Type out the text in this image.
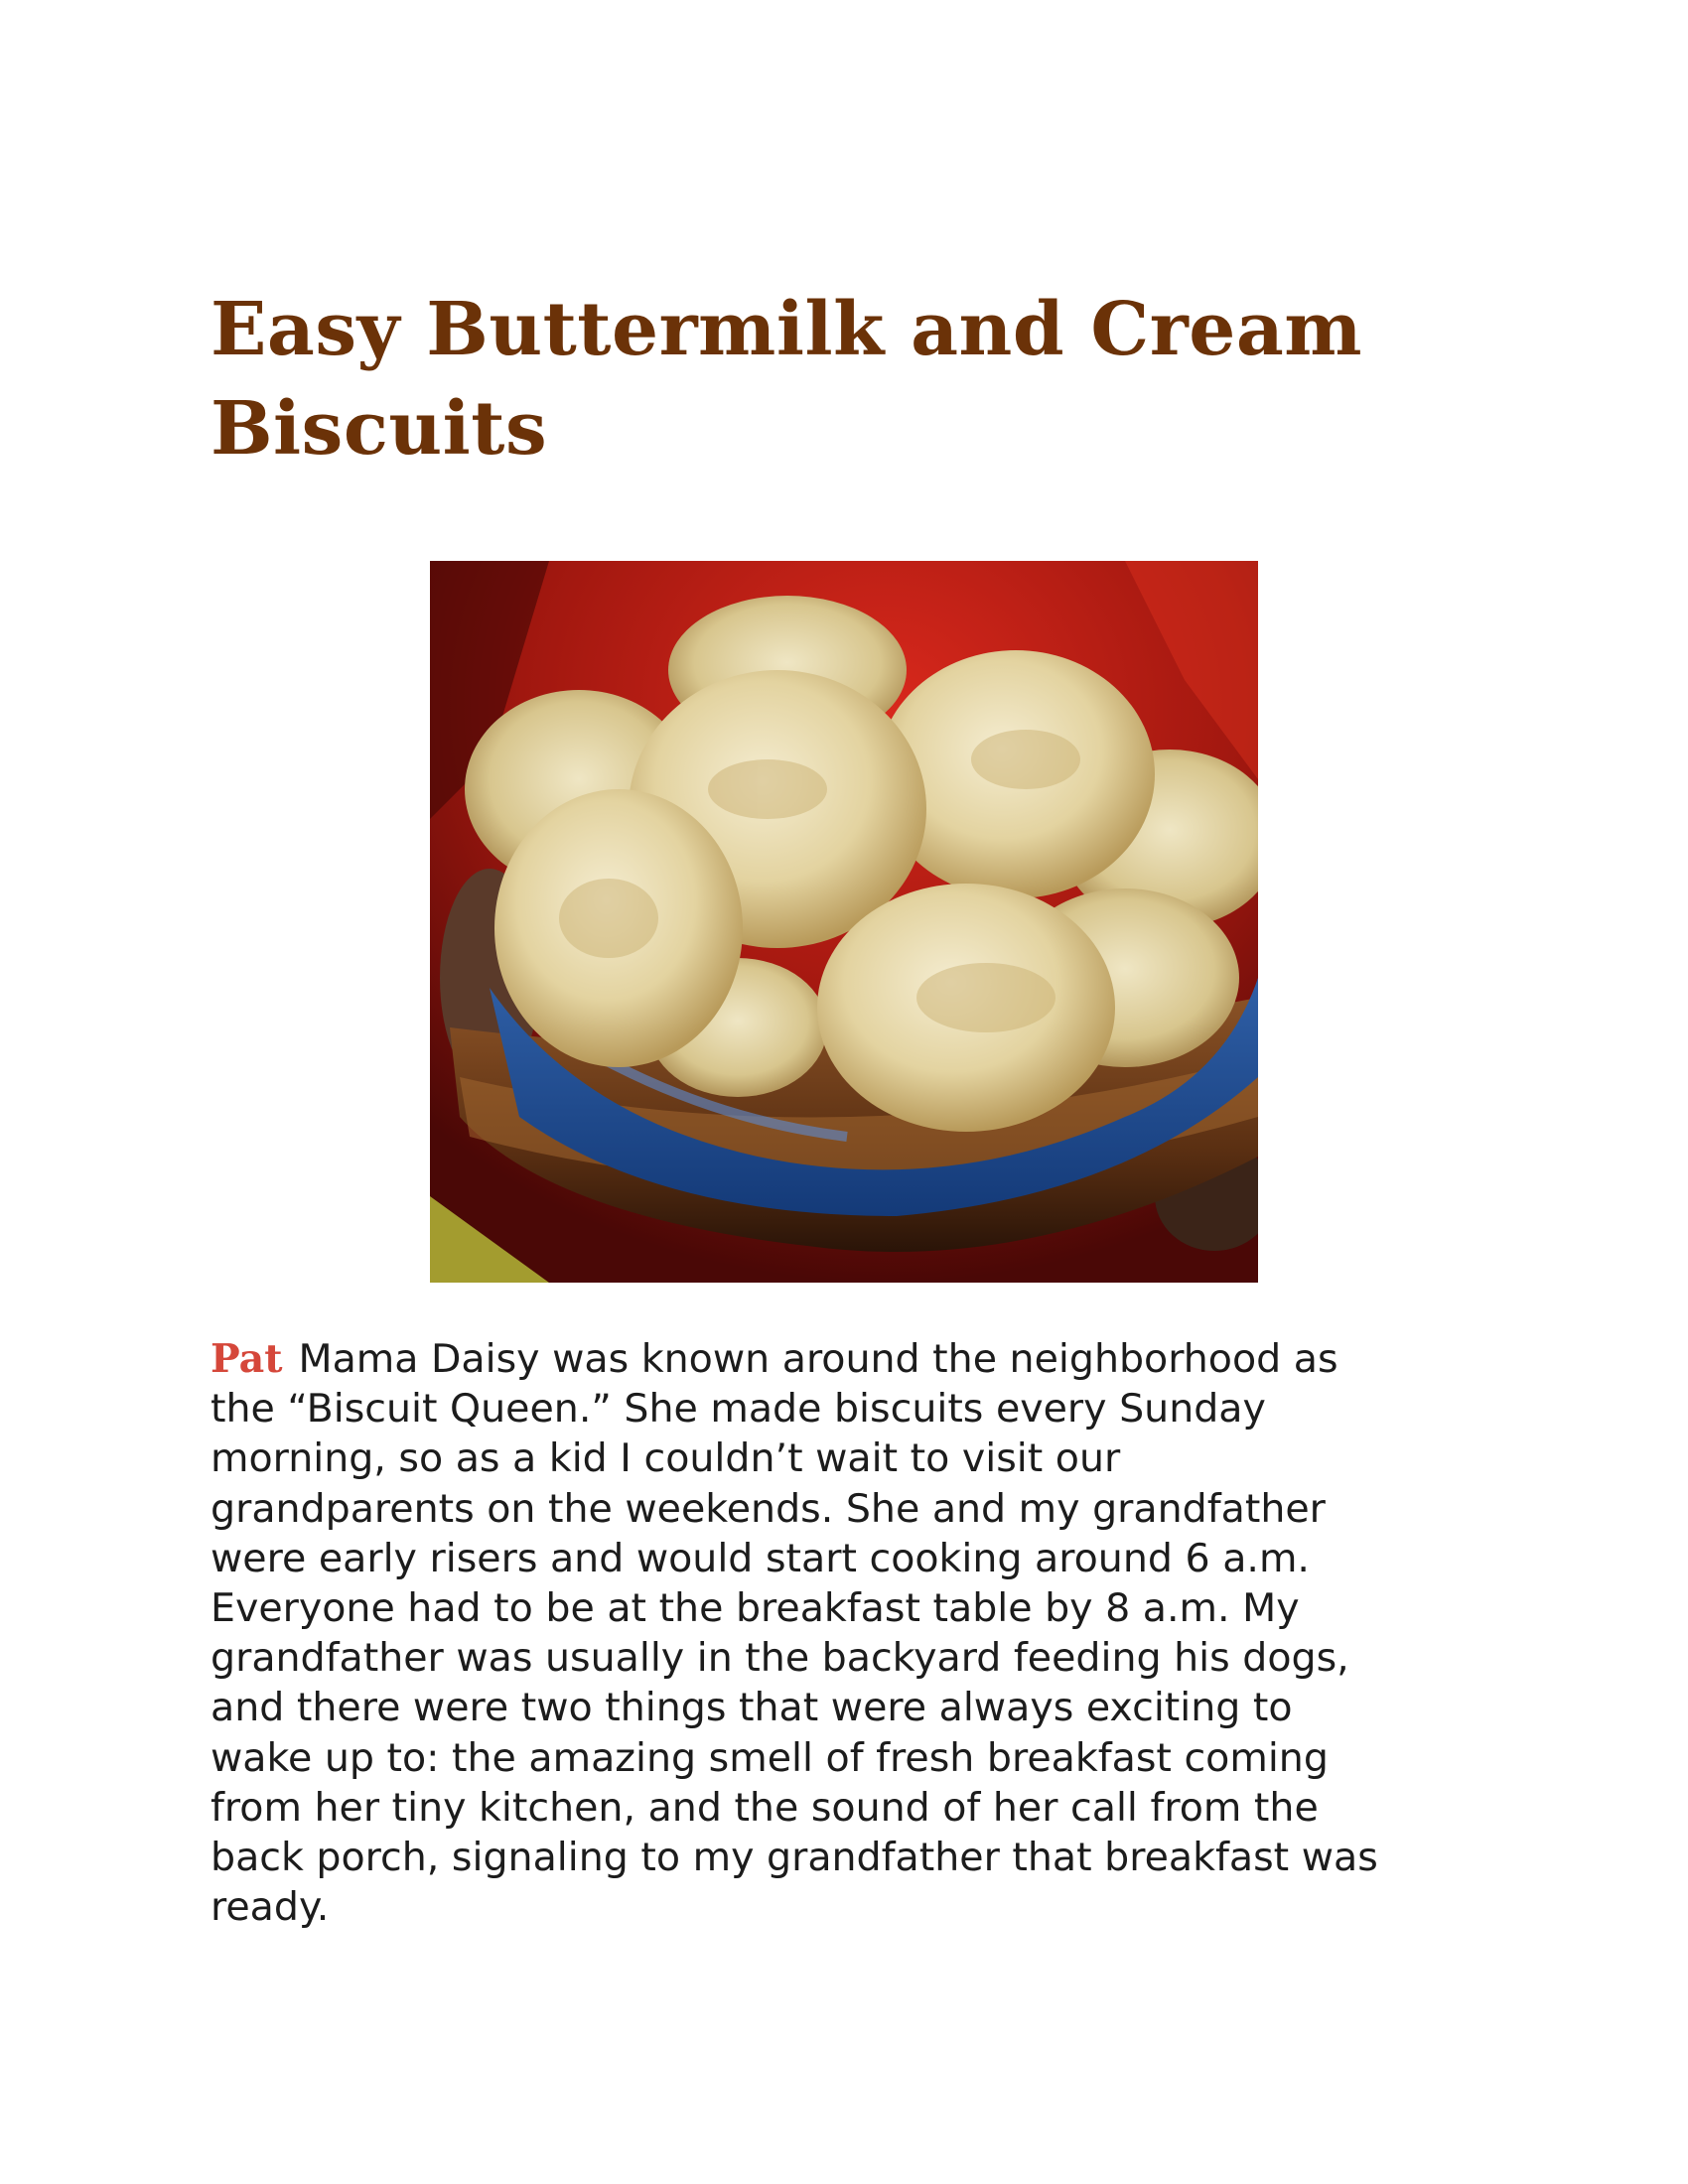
Easy Buttermilk and Cream Biscuits

Pat Mama Daisy was known around the neighborhood as the “Biscuit Queen.” She made biscuits every Sunday morning, so as a kid I couldn’t wait to visit our grandparents on the weekends. She and my grandfather were early risers and would start cooking around 6 a.m. Everyone had to be at the breakfast table by 8 a.m. My grandfather was usually in the backyard feeding his dogs, and there were two things that were always exciting to wake up to: the amazing smell of fresh breakfast coming from her tiny kitchen, and the sound of her call from the back porch, signaling to my grandfather that breakfast was ready.
